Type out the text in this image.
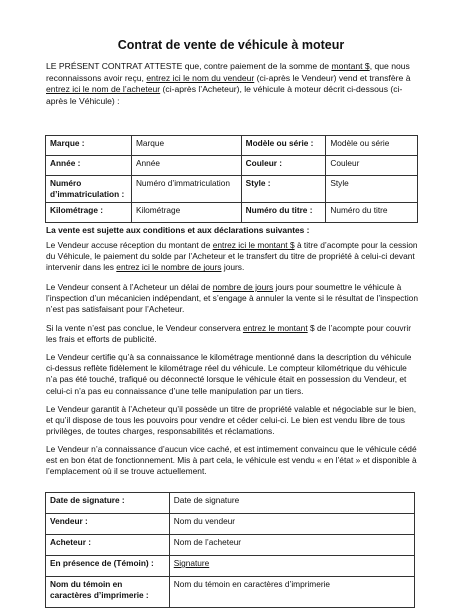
Contrat de vente de véhicule à moteur
LE PRÉSENT CONTRAT ATTESTE que, contre paiement de la somme de montant $, que nous reconnaissons avoir reçu, entrez ici le nom du vendeur (ci-après le Vendeur) vend et transfère à entrez ici le nom de l’acheteur (ci-après l’Acheteur), le véhicule à moteur décrit ci-dessous (ci-après le Véhicule) :
Marque :	Marque	Modèle ou série :	Modèle ou série
Année :	Année	Couleur :	Couleur
Numéro d’immatriculation :	Numéro d’immatriculation	Style :	Style
Kilométrage :	Kilométrage	Numéro du titre :	Numéro du titre
La vente est sujette aux conditions et aux déclarations suivantes :
Le Vendeur accuse réception du montant de entrez ici le montant $ à titre d’acompte pour la cession du Véhicule, le paiement du solde par l’Acheteur et le transfert du titre de propriété à celui-ci devant intervenir dans les entrez ici le nombre de jours jours.
Le Vendeur consent à l’Acheteur un délai de nombre de jours jours pour soumettre le véhicule à l’inspection d’un mécanicien indépendant, et s’engage à annuler la vente si le résultat de l’inspection n’est pas satisfaisant pour l’Acheteur.
Si la vente n’est pas conclue, le Vendeur conservera entrez le montant $ de l’acompte pour couvrir les frais et efforts de publicité.
Le Vendeur certifie qu’à sa connaissance le kilométrage mentionné dans la description du véhicule ci-dessus reflète fidèlement le kilométrage réel du véhicule. Le compteur kilométrique du véhicule n’a pas été touché, trafiqué ou déconnecté lorsque le véhicule était en possession du Vendeur, et celui-ci n’a pas eu connaissance d’une telle manipulation par un tiers.
Le Vendeur garantit à l’Acheteur qu’il possède un titre de propriété valable et négociable sur le bien, et qu’il dispose de tous les pouvoirs pour vendre et céder celui-ci. Le bien est vendu libre de tous privilèges, de toutes charges, responsabilités et réclamations.
Le Vendeur n’a connaissance d’aucun vice caché, et est intimement convaincu que le véhicule cédé est en bon état de fonctionnement. Mis à part cela, le véhicule est vendu « en l’état » et disponible à l’emplacement où il se trouve actuellement.
Date de signature :	Date de signature
Vendeur :	Nom du vendeur
Acheteur :	Nom de l’acheteur
En présence de (Témoin) :	Signature
Nom du témoin en caractères d’imprimerie :	Nom du témoin en caractères d’imprimerie
